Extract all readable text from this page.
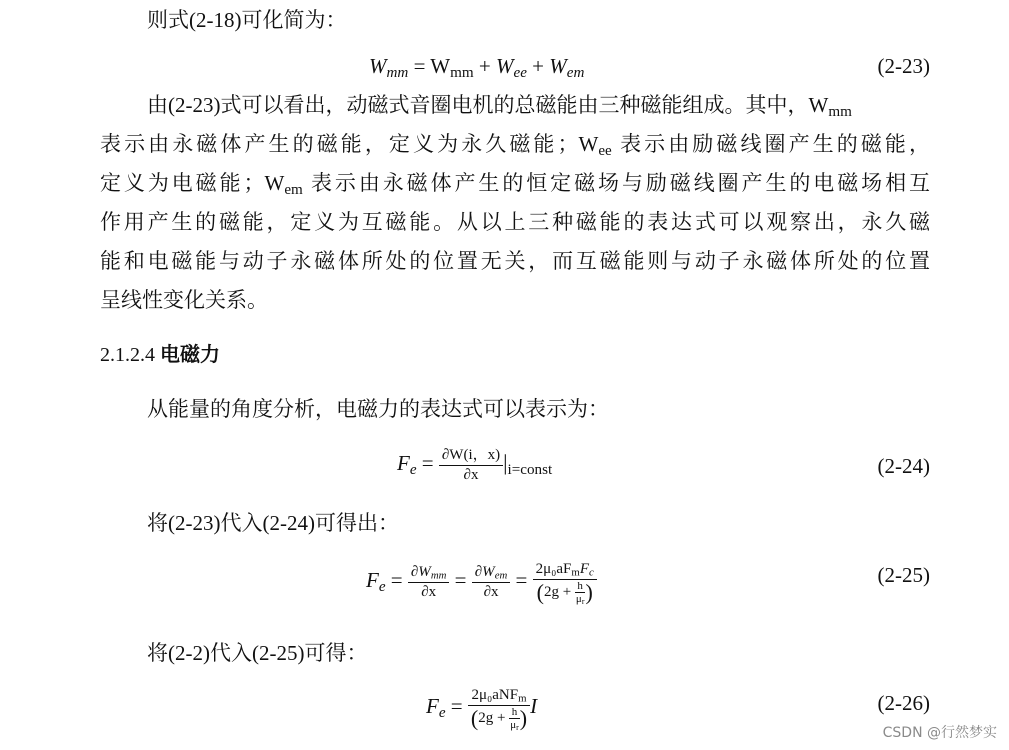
则式(2-18)可化简为：
$W_{mm} = W_{mm} + W_{ee} + W_{em}$	(2-23)
由(2-23)式可以看出，动磁式音圈电机的总磁能由三种磁能组成。其中，$W_{mm}$
表示由永磁体产生的磁能，定义为永久磁能；$W_{ee}$ 表示由励磁线圈产生的磁能，
定义为电磁能；$W_{em}$ 表示由永磁体产生的恒定磁场与励磁线圈产生的电磁场相互
作用产生的磁能，定义为互磁能。从以上三种磁能的表达式可以观察出，永久磁
能和电磁能与动子永磁体所处的位置无关，而互磁能则与动子永磁体所处的位置
呈线性变化关系。
2.1.2.4 电磁力
从能量的角度分析，电磁力的表达式可以表示为：
$F_e = \frac{\partial W(i,x)}{\partial x} |_{i=const}$	(2-24)
将(2-23)代入(2-24)可得出：
$F_e = \frac{\partial W_{mm}}{\partial x} = \frac{\partial W_{em}}{\partial x} = \frac{2\mu_0aF_mF_c}{(2g + \frac{h}{\mu_r} )}$	(2-25)
将(2-2)代入(2-25)可得：
$F_e = \frac{2\mu_0aNF_m}{(2g + \frac{h}{\mu_r} )}$ I	(2-26)
CSDN @行然梦实
